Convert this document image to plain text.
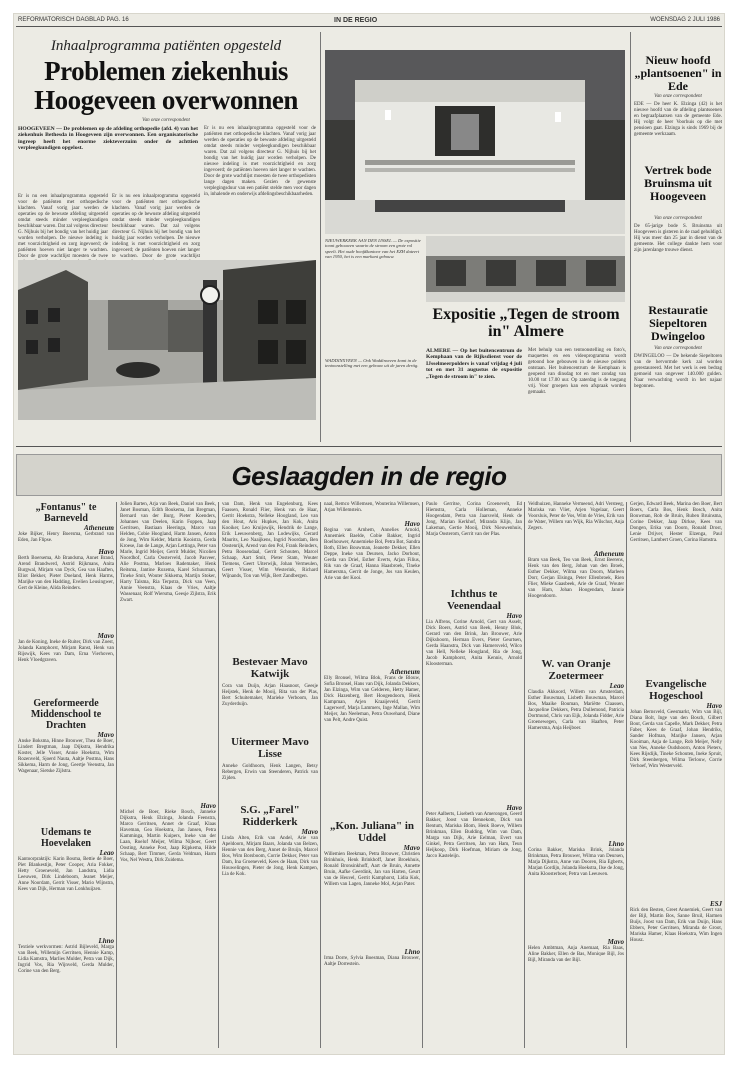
REFORMATORISCH DAGBLAD PAG. 16	IN DE REGIO	WOENSDAG 2 JULI 1986
Inhaalprogramma patiënten opgesteld
Problemen ziekenhuis
Hoogeveen overwonnen
Van onze correspondent
HOOGEVEEN — De problemen op de afdeling orthopedie (afd. 4) van het ziekenhuis Bethesda in Hoogeveen zijn overwonnen. Een organisatorische ingreep heeft het enorme ziekteverzuim onder de achttien verpleegkundigen opgelost.
Er is nu een inhaalprogramma opgesteld voor de patiënten met orthopedische klachten. Vanaf vorig jaar werden de operaties op de bewuste afdeling uitgesteld omdat steeds minder verpleegkundigen beschikbaar waren. Dat zal volgens directeur G. Nijhuis bij het bondig van het huidig jaar worden verholpen. De nieuwe indeling is met voorzichtigheid en zorg ingevoerd; de patiënten hoeven niet langer te wachten. Door de grote wachtlijst moesten de twee orthopedisten lange dagen maken. Gezien de gewenste verplegingsduur van een patiënt stelde men voor dagen in, inhalende en onderwijs afdelingsbeschikbaarheden.
Er is nu een inhaalprogramma opgesteld voor de patiënten met orthopedische klachten. Vanaf vorig jaar werden de operaties op de bewuste afdeling uitgesteld omdat steeds minder verpleegkundigen beschikbaar waren. Dat zal volgens directeur G. Nijhuis bij het bondig van het huidig jaar worden verholpen. De nieuwe indeling is met voorzichtigheid en zorg ingevoerd; de patiënten hoeven niet langer te wachten. Door de grote wachtlijst moesten de twee
Er is nu een inhaalprogramma opgesteld voor de patiënten met orthopedische klachten. Vanaf vorig jaar werden de operaties op de bewuste afdeling uitgesteld omdat steeds minder verpleegkundigen beschikbaar waren. Dat zal volgens directeur G. Nijhuis bij het bondig van het huidig jaar worden verholpen. De nieuwe indeling is met voorzichtigheid en zorg ingevoerd; de patiënten hoeven niet langer te wachten. Door de grote wachtlijst
NIEUWERKERK AAN DEN IJSSEL — De expositie toont gebouwen waarin de stroom een grote rol speelt. Het oude hoofdkantoor van het EZH dateert van 1950, het is een markant gebouw.
WADDINXVEEN — Ook Waddinxveen komt in de tentoonstelling met een gebouw uit de jaren dertig.
Expositie „Tegen de stroom in" Almere
ALMERE — Op het buitencentrum de Kemphaan van de Rijksdienst voor de IJsselmeerpolders is vanaf vrijdag 4 juli tot en met 31 augustus de expositie „Tegen de stroom in" te zien.
Met behulp van een tentoonstelling en foto's, maquettes en een videoprogramma wordt getoond hoe gebouwen in de nieuwe polders ontstaan. Het buitencentrum de Kemphaan is geopend van dinsdag tot en met zondag van 10.00 tot 17.00 uur. Op zaterdag is de toegang vrij. Voor groepen kan een afspraak worden gemaakt.
Nieuw hoofd „plantsoenen" in Ede
Van onze correspondent
EDE — De heer K. Elzinga (42) is het nieuwe hoofd van de afdeling plantsoenen en begraafplaatsen van de gemeente Ede. Hij volgt de heer Voorhuis op die met pensioen gaat. Elzinga is sinds 1969 bij de gemeente werkzaam.
Vertrek bode Bruinsma uit Hoogeveen
Van onze correspondent
De 65-jarige bode S. Bruinsma uit Hoogeveen is gisteren in de raad gehuldigd. Hij was meer dan 25 jaar in dienst van de gemeente. Het college dankte hem voor zijn jarenlange trouwe dienst.
Restauratie Siepeltoren Dwingeloo
Van onze correspondent
DWINGELOO — De bekende Siepeltoren van de hervormde kerk zal worden gerestaureerd. Met het werk is een bedrag gemoeid van ongeveer 140.000 gulden. Naar verwachting wordt in het najaar begonnen.
Geslaagden in de regio
„Fontanus" te Barneveld
Atheneum
Joke Bijker, Henry Boersma, Gerbrand van Eden, Jan Flipse.
Havo
Berth Boersema, Ab Brandsma, Annet Brand, Arend Brandwerd, Astrid Rijkmans, Anita Burgwal, Mirjam van Dyck, Gea van Haaften, Eliot Bekker, Pieter Doeland, Henk Harms, Marijke van den Hadding, Evelien Leusingwer, Gert de Kleine, Alida Reinders.
Mavo
Jan de Koning, Ineke de Ruiter, Dirk van Zoest, Jolanda Kamphorst, Mirjam Ranst, Henk van Rijswijk, Kees van Dam, Erna Vierhoven, Henk Vloedgraven.
Gereformeerde Middenschool te Drachten
Mavo
Anske Boksma, Hinne Brouwer, Thea de Boer, Lindert Bregtman, Jaap Dijkstra, Hendrika Koster, Jelle Visser, Annie Hoekstra, Wim Rozenveld, Sjoerd Nauta, Aaltje Postma, Hans Sikkema, Harm de Jong, Geertje Veenstra, Jan Wagenaar, Sietske Zijlstra.
Udemans te Hoevelaken
Leao
Kantoorpraktijk: Karin Bosma, Bettie de Boer, Piet Blankestijn, Peter Cooper, Aria Fokker, Hetty Groeneveld, Jan Landstra, Lidia Leeuwen, Dirk Lindeboom, Jeanet Meijer, Anne Noordam, Gerrit Visser, Mario Wijnstra, Kees van Dijk, Herman van Lonkhuijzen.
Lhno
Textiele werkvormen: Astrid Bijleveld, Marga van Beek, Willemijn Gerritsen, Hennie Kamp, Lidia Kamstra, Marlies Mulder, Petra van Dijk, Ingrid Vos, Ria Wijnveld, Gerda Mulder, Corine van den Berg.
Jolien Barten, Arja van Beek, Daniel van Beek, Janet Bosman, Edith Boukema, Jan Bregman, Bernard van der Burg, Pieter Koenders, Johannes van Deelen, Karin Foppen, Jaap Gerritsen, Bastiaan Heeringa, Marco van Helden, Cobie Hoogland, Harm Jansen, Anton de Jong, Wim Kelder, Martin Kooistra, Gerda Kroese, Jan de Lange, Arjan Lettinga, Peter van Marle, Ingrid Meijer, Gerrit Mulder, Nicolien Noordhof, Carla Oosterveld, Jacob Pasveer, Alie Postma, Marloes Rademaker, Henk Reitsma, Jantine Rozema, Karel Schuurman, Tineke Smit, Wouter Sikkema, Martijn Stoker, Harry Talsma, Ria Terpstra, Dick van Veen, Annie Veenstra, Klaas de Vries, Aaltje Wassenaar, Rolf Wiersma, Geesje Zijlstra, Erik Zwart.
Havo
Michel de Boer, Rieke Bosch, Janneke Dijkstra, Henk Elzinga, Jolanda Feenstra, Marco Gerritsen, Annet de Graaf, Klaas Haveman, Gea Hoekstra, Jan Jansen, Petra Kamminga, Martin Kuipers, Ineke van der Laan, Roelof Meijer, Wilma Nijboer, Geert Oosting, Anneke Post, Jaap Rijpkema, Hilde Schaap, Bert Timmer, Gerda Veldman, Harm Vos, Nel Westra, Dirk Zuidema.
van Dam, Henk van Engelenburg, Kees Faassen, Ronald Flier, Henk van de Haar, Gerrit Hoekstra, Nelleke Hoogland, Leo van den Hout, Aris Hupkes, Jan Kok, Anita Kooiker, Leo Kruijswijk, Hendrik de Lange, Erik Leeuwenberg, Jan Lodewijks, Gerard Maurits, Leo Naaijkens, Ingrid Noordam, Ben Oostenrijk, Arend van den Pol, Frank Reinders, Petra Roosendaal, Gerrit Schouten, Marcel Schaap, Aart Smit, Pieter Stam, Wouter Tiemens, Geert Uiterwijk, Johan Vermeulen, Geert Visser, Wim Westerink, Richard Wijnands, Ton van Wijk, Bert Zandbergen.
Bestevaer Mavo Katwijk
Cora van Duijn, Arjan Haasnoot, Geesje Heijstek, Henk de Mooij, Rita van der Plas, Bert Schuitemaker, Marieke Verboom, Jan Zuyderduijn.
Uitermeer Mavo Lisse
Anneke Goldhoorn, Henk Langen, Betsy Rebergen, Erwin van Steenderen, Patrick van Zijden.
S.G. „Farel" Ridderkerk
Mavo
Linda Alten, Erik van Andel, Arie van Apeldoorn, Mirjam Baars, Jolanda van Belzen, Hennie van den Berg, Annet de Bruijn, Marcel Bos, Wim Borsboom, Corrie Dekker, Peter van Dam, Ina Groeneveld, Kees de Haan, Dirk van Houwelingen, Pieter de Jong, Henk Kampen, Lia de Kok.
naal, Remco Willemsen, Wouterina Willemsen, Arjan Willemstein.
Havo
Regina van Arnhem, Annelies Arnold, Annemiek Baelde, Cobie Bakker, Ingrid Boelhouwer, Annemieke Bol, Petra Bot, Sandra Both, Ellen Bouwman, Jeanette Dekker, Ellen Deppe, Ineke van Deursen, Jacko Dorhout, Gerda van Driel, Esther Everts, Arjan Filius, Rik van de Graaf, Hanna Haasbroek, Tineke Hamersma, Gerrit de Jonge, Jos van Keulen, Arie van der Kooi.
Atheneum
Elly Bronsel, Wilma Blok, Frans de Blouw, Sofia Bronsel, Hans van Dijk, Jolanda Dekkers, Jan Elzinga, Wim van Gelderen, Hetty Hamer, Dick Hazenberg, Bert Hoogendoorn, Henk Kampman, Arjen Kraaijeveld, Gerrit Lagerwerf, Marja Lammers, Inge Mallan, Wim Meijer, Jan Neeleman, Petra Ouwehand, Diane van Pelt, Andre Quist.
„Kon. Juliana" in Uddel
Mavo
Willemien Beekman, Petra Brouwer, Christien Brinkhuis, Henk Brinkhoff, Janet Broekhuis, Ronald Bronsinkhoff, Aart de Bruin, Annette Bruin, Aafke Geerdink, Jan van Harten, Geurt van de Heuvel, Gerrit Kamphorst, Lidia Kok, Willem van Lagen, Janneke Mol, Arjan Pater.
Lhno
Irma Dorre, Sylvia Boesman, Diana Brouwer, Aaltje Dorrestein.
Paulo Gerritse, Corina Groenevelt, Ed Hiemstra, Carla Holleman, Anneke Hoogendam, Petra van Jaarsveld, Henk de Jong, Marian Kerkhof, Miranda Klijn, Jan Lakeman, Gertie Mooij, Dirk Nieuwenhuis, Marja Oosterom, Gerrit van der Plas.
Ichthus te Veenendaal
Havo
Lia Alfrens, Corine Arnold, Gert van Asselt, Dick Boers, Astrid van Beek, Henny Blok, Gerard van den Brink, Jan Brouwer, Arie Dijkshoorn, Herman Evers, Pieter Geurtsen, Gerda Haanstra, Dick van Hamersveld, Wilco van Hell, Nelleke Hoogland, Ria de Jong, Jacob Kamphorst, Anita Kennis, Arnold Kloosterman.
Havo
Peter Aalberts, Lisebeth van Amerongen, Geerd Bakker, Joost van Bennekom, Dick van Bentum, Mariska Blom, Henk Boeve, Willem Brinkman, Ellen Budding, Wim van Dam, Marga van Dijk, Arie Eelman, Evert van Ginkel, Petra Gerritsen, Jan van Ham, Teun Heijkoop, Dirk Hoefman, Miriam de Jong, Jacco Kasteleijn.
Veldhuizen, Hanneke Vermeend, Adri Versteeg, Mariska van Vliet, Arjen Vogelaar, Geert Voorsluis, Peter de Vos, Wim de Vries, Erik van de Water, Willem van Wijk, Ria Wilschut, Anja Zegers.
Atheneum
Bram van Beek, Teo van Beek, Ernst Beerens, Henk van den Berg, Johan van den Broek, Esther Dekker, Wilma van Doorn, Marleen Dorr, Gerjan Elsinga, Peter Ellenbroek, Rien Flier, Mieke Gaasbeek, Arie de Graaf, Wouter van Ham, Johan Hoogendam, Jannie Hoogendoorn.
W. van Oranje Zoetermeer
Leao
Claudia Akkoord, Willem van Amsterdam, Esther Bouwman, Lisbeth Bouwman, Marcel Bos, Maaike Bouman, Mariëtte Claassen, Jacqueline Dekkers, Petra Dullemond, Patricia Dortmund, Chris van Eijk, Jolanda Fidder, Arie Groenewegen, Carla van Haaften, Peter Hamersma, Anja Heijboer.
Lhno
Corina Bakker, Mariska Brink, Jolanda Brinkman, Petra Brouwer, Wilma van Deursen, Marja Dijkstra, Anne van Dooren, Ria Egberts, Marjan Gordijn, Jolanda Hoekstra, Ilse de Jong, Anita Kloosterboer, Petra van Leeuwen.
Mavo
Helen Ambtman, Anja Anemaat, Ria Baas, Aline Bakker, Ellen de Bas, Monique Bijl, Jos Bijl, Miranda van der Bijl.
Gerjen, Edward Beek, Marina den Boer, Bert Boers, Carla Bos, Henk Bosch, Anita Bouwman, Rob de Bruin, Ruben Bruinsma, Corine Dekker, Jaap Dirkse, Kees van Dongen, Erika van Doorn, Ronald Drost, Lenie Drijver, Hester Elzenga, Paul Gerritsen, Lambert Groen, Corina Hamstra.
Evangelische Hogeschool
Havo
Johan Bernsveld, Geesmarkt, Wim van Bijl, Diana Bolt, Inge van den Bosch, Gilbert Bout, Gerda van Capelle, Mark Dekker, Petra Faber, Kees de Graaf, Johan Hendriks, Sander Hofman, Marijke Jansen, Arjan Kooiman, Anja de Lange, Rob Meijer, Nelly van Nes, Anneke Oudshoorn, Anton Pieters, Kees Rijsdijk, Tineke Schouten, Ineke Spruit, Dirk Steenbergen, Wilma Terlouw, Corrie Verhoef, Wim Westerveld.
ESJ
Rick den Besten, Greet Annemiek, Geert van der Bijl, Martin Bos, Sanne Bruil, Harmen Buijs, Joost van Dam, Erik van Duijn, Hans Ebbers, Peter Gerritsen, Miranda de Groot, Mariska Hamer, Klaas Hoekstra, Wim Ingen Housz.
